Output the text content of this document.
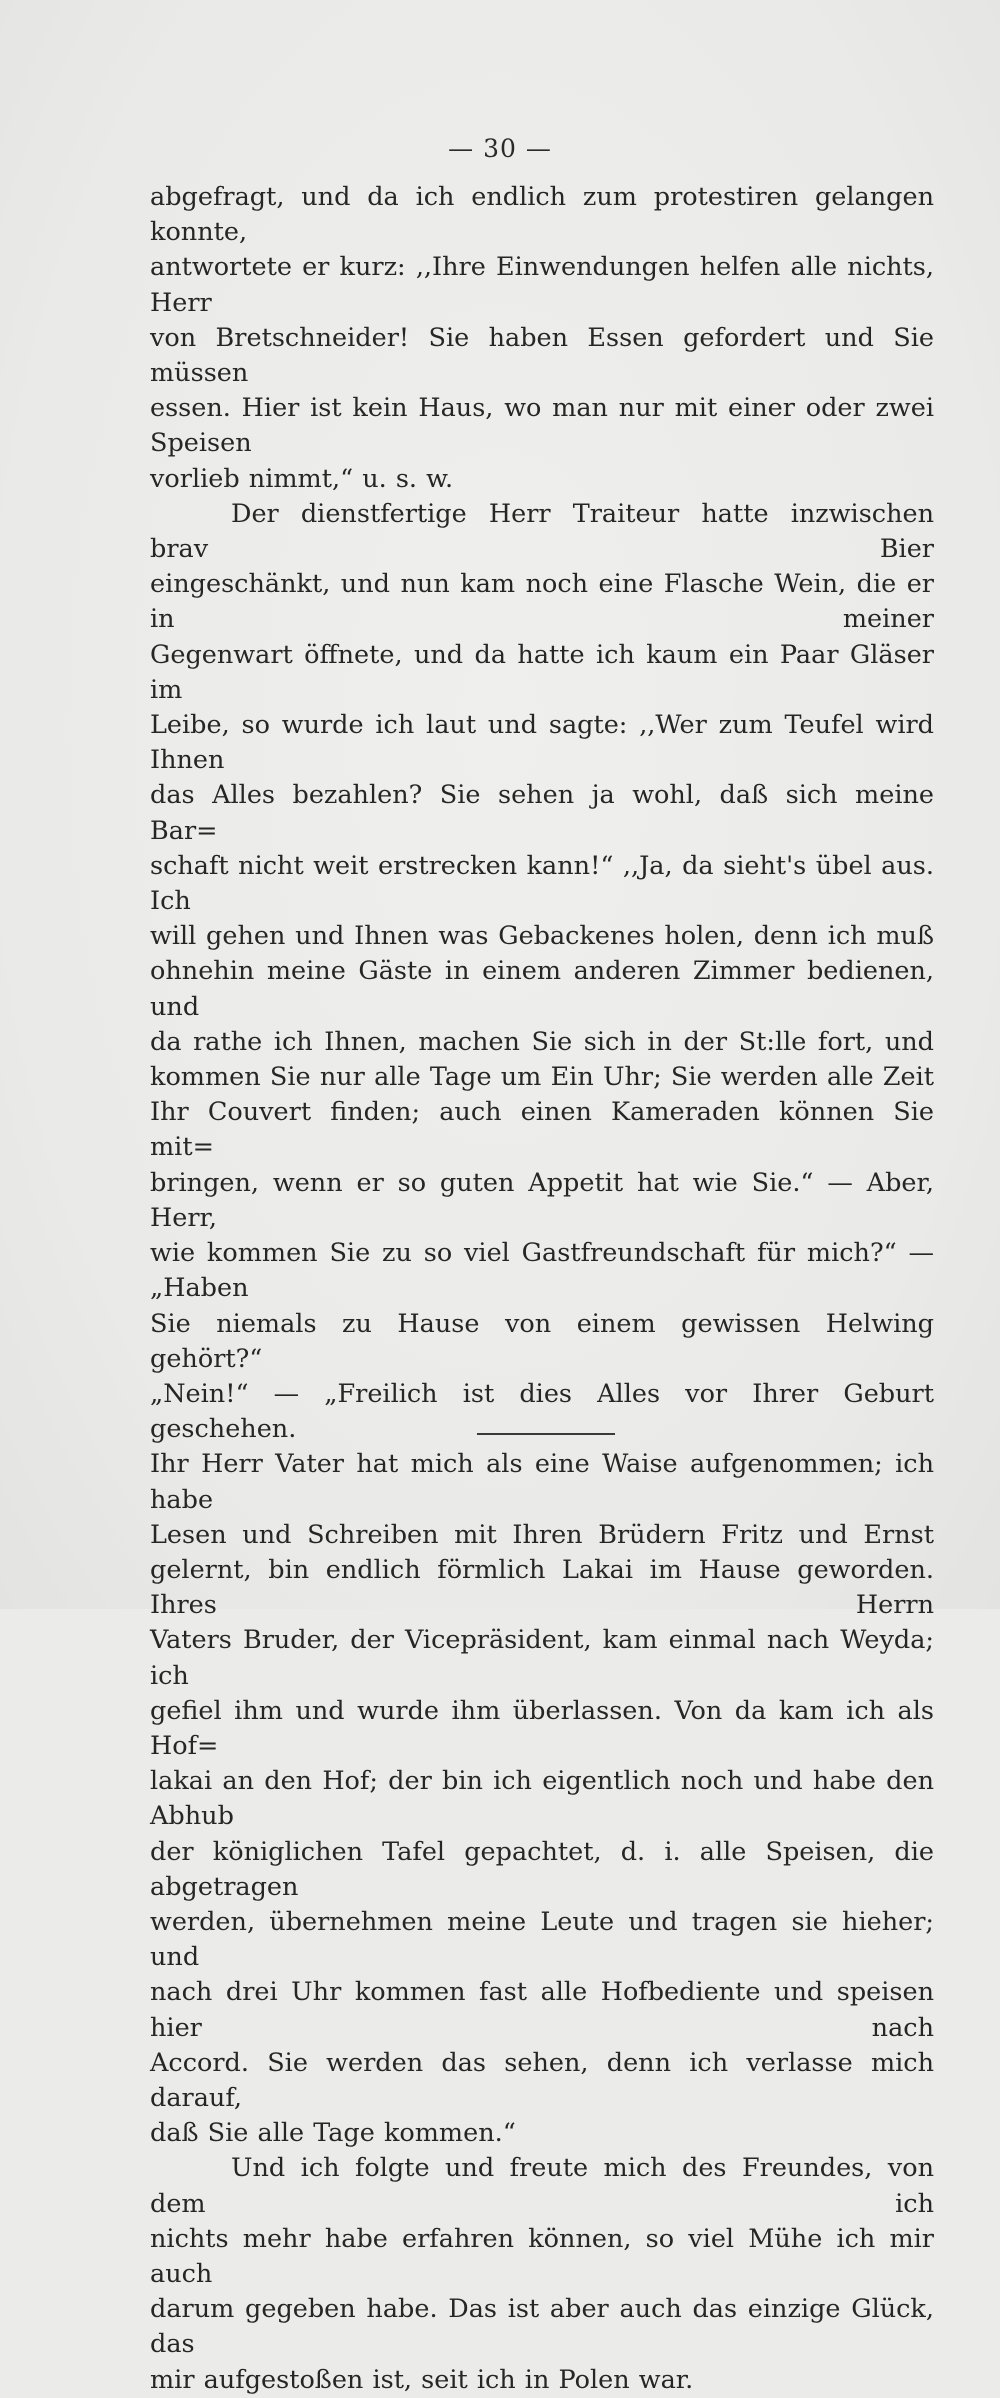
— 30 —

abgefragt, und da ich endlich zum protestiren gelangen konnte,

antwortete er kurz: ,,Ihre Einwendungen helfen alle nichts, Herr

von Bretschneider! Sie haben Essen gefordert und Sie müssen

essen. Hier ist kein Haus, wo man nur mit einer oder zwei Speisen

vorlieb nimmt,“ u. s. w.

Der dienstfertige Herr Traiteur hatte inzwischen brav Bier

eingeschänkt, und nun kam noch eine Flasche Wein, die er in meiner

Gegenwart öffnete, und da hatte ich kaum ein Paar Gläser im

Leibe, so wurde ich laut und sagte: ,,Wer zum Teufel wird Ihnen

das Alles bezahlen? Sie sehen ja wohl, daß sich meine Bar=

schaft nicht weit erstrecken kann!“ ,,Ja, da sieht's übel aus. Ich

will gehen und Ihnen was Gebackenes holen, denn ich muß

ohnehin meine Gäste in einem anderen Zimmer bedienen, und

da rathe ich Ihnen, machen Sie sich in der St:lle fort, und

kommen Sie nur alle Tage um Ein Uhr; Sie werden alle Zeit

Ihr Couvert finden; auch einen Kameraden können Sie mit=

bringen, wenn er so guten Appetit hat wie Sie.“ — Aber, Herr,

wie kommen Sie zu so viel Gastfreundschaft für mich?“ — „Haben

Sie niemals zu Hause von einem gewissen Helwing gehört?“

„Nein!“ — „Freilich ist dies Alles vor Ihrer Geburt geschehen.

Ihr Herr Vater hat mich als eine Waise aufgenommen; ich habe

Lesen und Schreiben mit Ihren Brüdern Fritz und Ernst

gelernt, bin endlich förmlich Lakai im Hause geworden. Ihres Herrn

Vaters Bruder, der Vicepräsident, kam einmal nach Weyda; ich

gefiel ihm und wurde ihm überlassen. Von da kam ich als Hof=

lakai an den Hof; der bin ich eigentlich noch und habe den Abhub

der königlichen Tafel gepachtet, d. i. alle Speisen, die abgetragen

werden, übernehmen meine Leute und tragen sie hieher; und

nach drei Uhr kommen fast alle Hofbediente und speisen hier nach

Accord. Sie werden das sehen, denn ich verlasse mich darauf,

daß Sie alle Tage kommen.“

Und ich folgte und freute mich des Freundes, von dem ich

nichts mehr habe erfahren können, so viel Mühe ich mir auch

darum gegeben habe. Das ist aber auch das einzige Glück, das

mir aufgestoßen ist, seit ich in Polen war.
